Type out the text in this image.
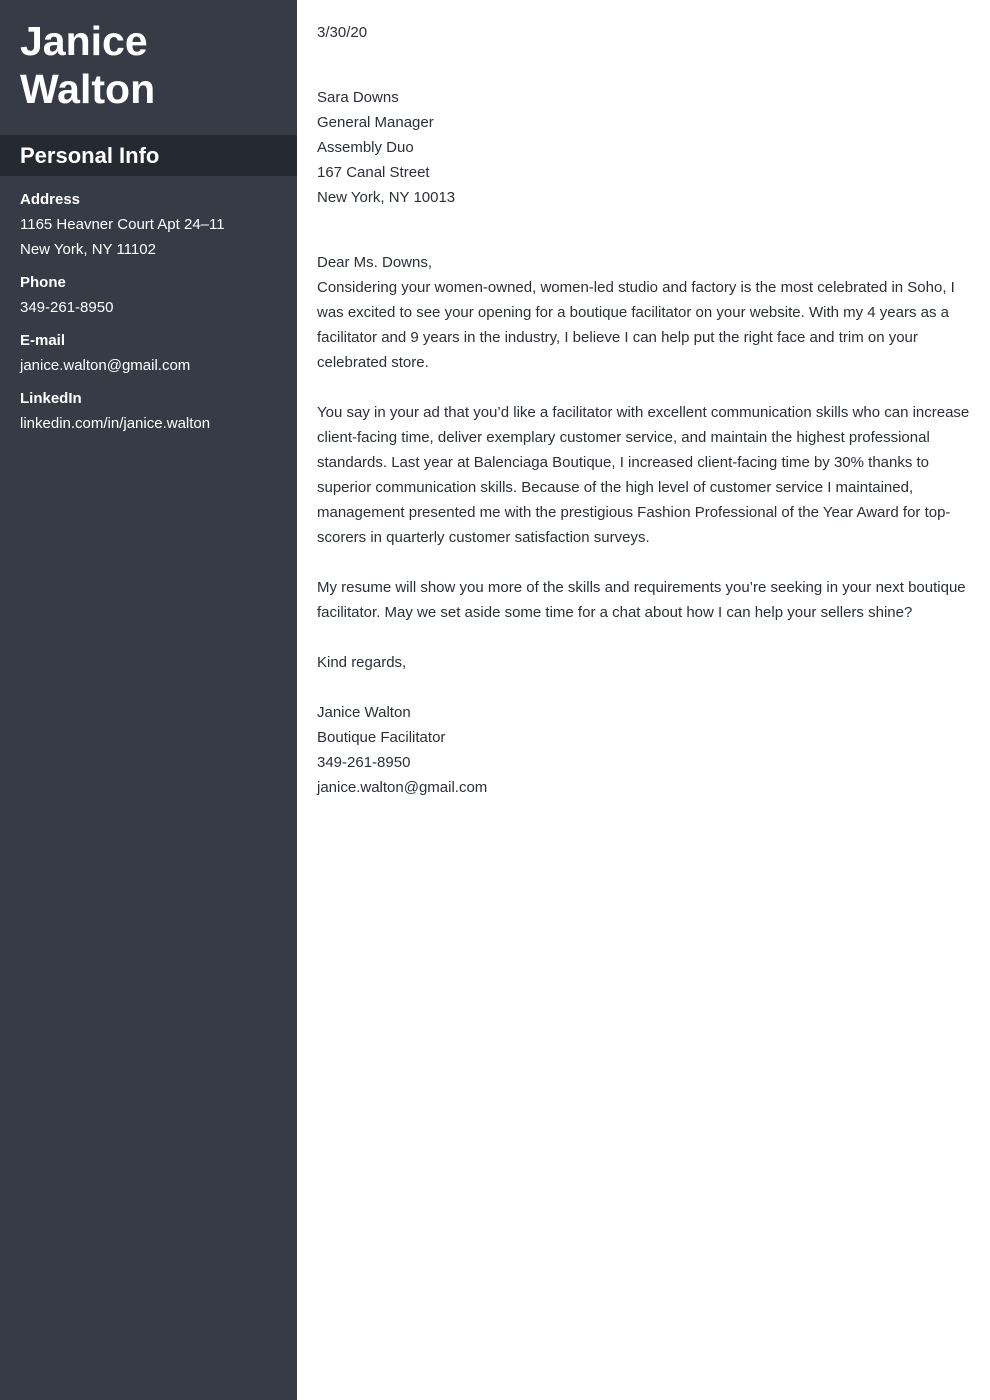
Janice
Walton
Personal Info
Address
1165 Heavner Court Apt 24–11
New York, NY 11102
Phone
349-261-8950
E-mail
janice.walton@gmail.com
LinkedIn
linkedin.com/in/janice.walton

3/30/20

Sara Downs
General Manager
Assembly Duo
167 Canal Street
New York, NY 10013

Dear Ms. Downs,

Considering your women-owned, women-led studio and factory is the most celebrated in Soho, I was excited to see your opening for a boutique facilitator on your website. With my 4 years as a facilitator and 9 years in the industry, I believe I can help put the right face and trim on your celebrated store.

You say in your ad that you’d like a facilitator with excellent communication skills who can increase client-facing time, deliver exemplary customer service, and maintain the highest professional standards. Last year at Balenciaga Boutique, I increased client-facing time by 30% thanks to superior communication skills. Because of the high level of customer service I maintained, management presented me with the prestigious Fashion Professional of the Year Award for top-scorers in quarterly customer satisfaction surveys.

My resume will show you more of the skills and requirements you’re seeking in your next boutique facilitator. May we set aside some time for a chat about how I can help your sellers shine?

Kind regards,

Janice Walton
Boutique Facilitator
349-261-8950
janice.walton@gmail.com
